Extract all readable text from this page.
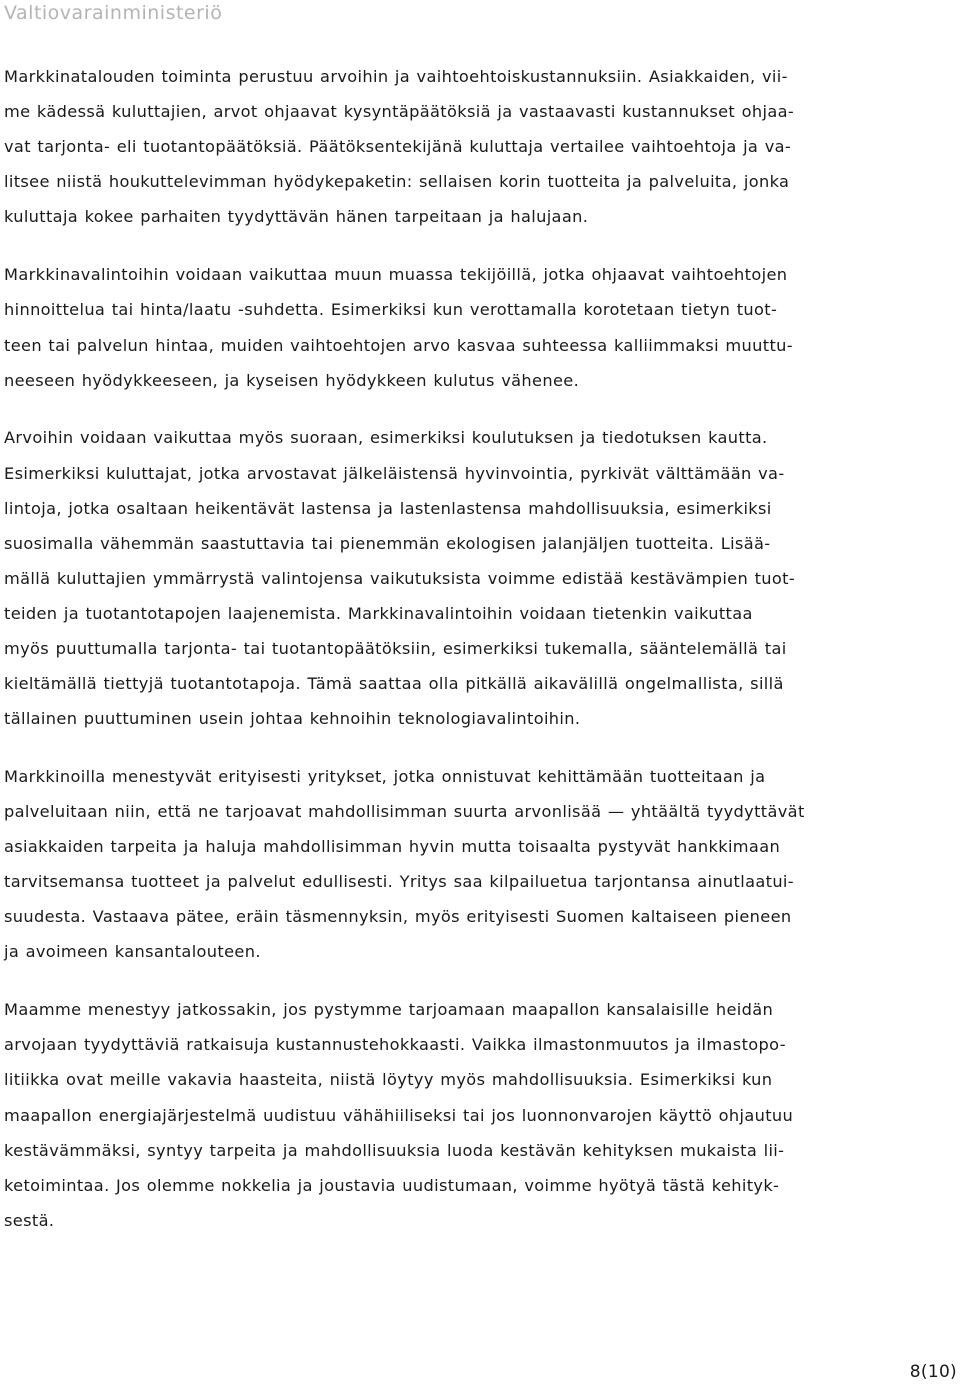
Valtiovarainministeriö
Markkinatalouden toiminta perustuu arvoihin ja vaihtoehtoiskustannuksiin. Asiakkaiden, vii-
me kädessä kuluttajien, arvot ohjaavat kysyntäpäätöksiä ja vastaavasti kustannukset ohjaa-
vat tarjonta- eli tuotantopäätöksiä. Päätöksentekijänä kuluttaja vertailee vaihtoehtoja ja va-
litsee niistä houkuttelevimman hyödykepaketin: sellaisen korin tuotteita ja palveluita, jonka
kuluttaja kokee parhaiten tyydyttävän hänen tarpeitaan ja halujaan.
Markkinavalintoihin voidaan vaikuttaa muun muassa tekijöillä, jotka ohjaavat vaihtoehtojen
hinnoittelua tai hinta/laatu -suhdetta. Esimerkiksi kun verottamalla korotetaan tietyn tuot-
teen tai palvelun hintaa, muiden vaihtoehtojen arvo kasvaa suhteessa kalliimmaksi muuttu-
neeseen hyödykkeeseen, ja kyseisen hyödykkeen kulutus vähenee.
Arvoihin voidaan vaikuttaa myös suoraan, esimerkiksi koulutuksen ja tiedotuksen kautta.
Esimerkiksi kuluttajat, jotka arvostavat jälkeläistensä hyvinvointia, pyrkivät välttämään va-
lintoja, jotka osaltaan heikentävät lastensa ja lastenlastensa mahdollisuuksia, esimerkiksi
suosimalla vähemmän saastuttavia tai pienemmän ekologisen jalanjäljen tuotteita. Lisää-
mällä kuluttajien ymmärrystä valintojensa vaikutuksista voimme edistää kestävämpien tuot-
teiden ja tuotantotapojen laajenemista. Markkinavalintoihin voidaan tietenkin vaikuttaa
myös puuttumalla tarjonta- tai tuotantopäätöksiin, esimerkiksi tukemalla, sääntelemällä tai
kieltämällä tiettyjä tuotantotapoja. Tämä saattaa olla pitkällä aikavälillä ongelmallista, sillä
tällainen puuttuminen usein johtaa kehnoihin teknologiavalintoihin.
Markkinoilla menestyvät erityisesti yritykset, jotka onnistuvat kehittämään tuotteitaan ja
palveluitaan niin, että ne tarjoavat mahdollisimman suurta arvonlisää — yhtäältä tyydyttävät
asiakkaiden tarpeita ja haluja mahdollisimman hyvin mutta toisaalta pystyvät hankkimaan
tarvitsemansa tuotteet ja palvelut edullisesti. Yritys saa kilpailuetua tarjontansa ainutlaatui-
suudesta. Vastaava pätee, eräin täsmennyksin, myös erityisesti Suomen kaltaiseen pieneen
ja avoimeen kansantalouteen.
Maamme menestyy jatkossakin, jos pystymme tarjoamaan maapallon kansalaisille heidän
arvojaan tyydyttäviä ratkaisuja kustannustehokkaasti. Vaikka ilmastonmuutos ja ilmastopo-
litiikka ovat meille vakavia haasteita, niistä löytyy myös mahdollisuuksia. Esimerkiksi kun
maapallon energiajärjestelmä uudistuu vähähiiliseksi tai jos luonnonvarojen käyttö ohjautuu
kestävämmäksi, syntyy tarpeita ja mahdollisuuksia luoda kestävän kehityksen mukaista lii-
ketoimintaa. Jos olemme nokkelia ja joustavia uudistumaan, voimme hyötyä tästä kehityk-
sestä.
8(10)
